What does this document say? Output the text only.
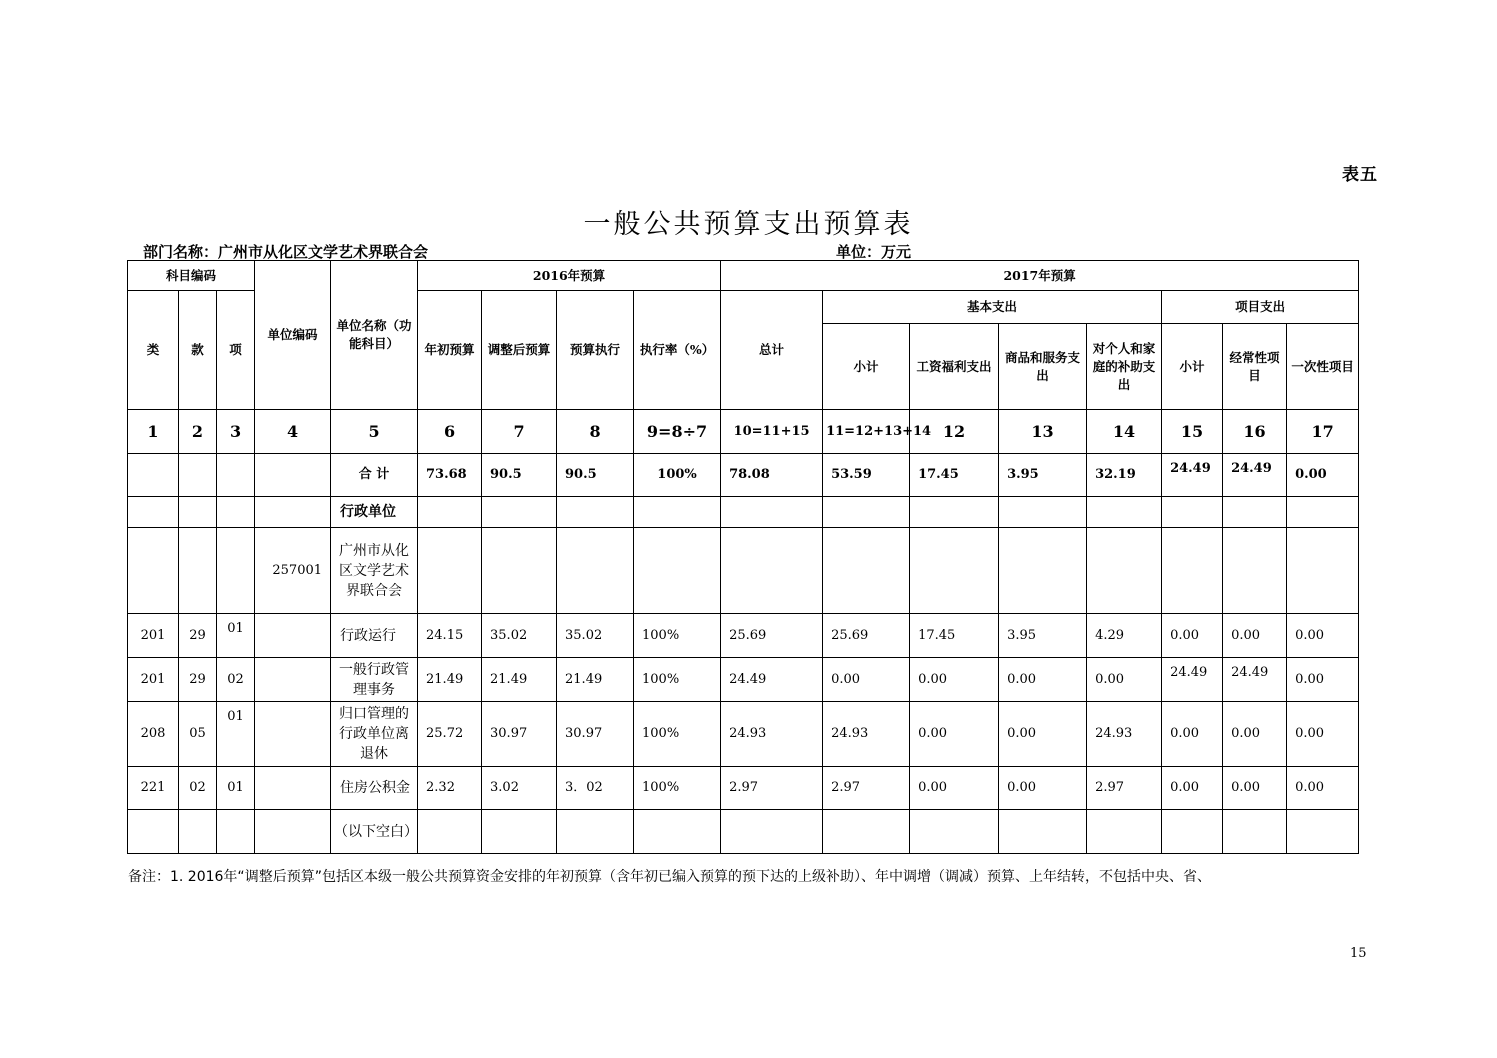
表五
一般公共预算支出预算表
部门名称：广州市从化区文学艺术界联合会	单位：万元
科目编码			单位编码	单位名称（功能科目）	2016年预算				2017年预算							
类	款	项			年初预算	调整后预算	预算执行	执行率（%）	总计	基本支出				项目支出		
										小计	工资福利支出	商品和服务支出	对个人和家庭的补助支出	小计	经常性项目	一次性项目
1	2	3	4	5	6	7	8	9=8÷7	10=11+15	11=12+13+14	12	13	14	15	16	17
				合 计	73.68	90.5	90.5	100%	78.08	53.59	17.45	3.95	32.19	24.49	24.49	0.00
				行政单位												
			257001	广州市从化区文学艺术界联合会												
201	29	01		行政运行	24.15	35.02	35.02	100%	25.69	25.69	17.45	3.95	4.29	0.00	0.00	0.00
201	29	02		一般行政管理事务	21.49	21.49	21.49	100%	24.49	0.00	0.00	0.00	0.00	24.49	24.49	0.00
208	05	01		归口管理的行政单位离退休	25.72	30.97	30.97	100%	24.93	24.93	0.00	0.00	24.93	0.00	0.00	0.00
221	02	01		住房公积金	2.32	3.02	3．02	100%	2.97	2.97	0.00	0.00	2.97	0.00	0.00	0.00
				（以下空白）												
备注：1. 2016年“调整后预算”包括区本级一般公共预算资金安排的年初预算（含年初已编入预算的预下达的上级补助）、年中调增（调减）预算、上年结转，不包括中央、省、
15
